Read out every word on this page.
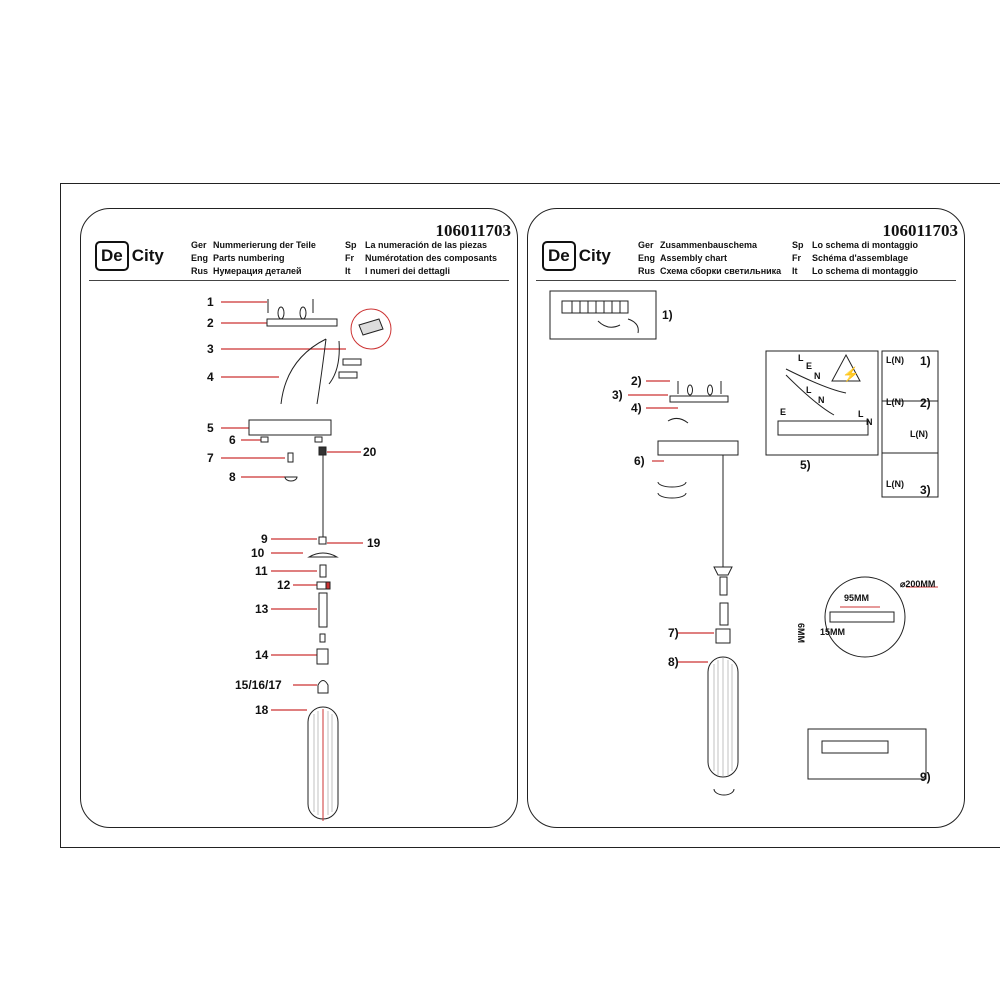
De City
106011703
Ger Nummerierung der Teile	Sp La numeración de las piezas
Eng Parts numbering	Fr	Numérotation des composants
Rus Нумерация деталей	It	I numeri dei dettagli
1
2
3
4
5
6
7
8
9
10
11
12
13
14
15/16/17
18
19
20
De City
106011703
Ger Zusammenbauschema	Sp Lo schema di montaggio
Eng Assembly chart	Fr	Schéma d'assemblage
Rus Схема сборки светильника	It	Lo schema di montaggio
⚡
L
E
N
L
N
E	L
N
L(N)
L(N)
L(N)
L(N)
1)
2)
3)
⌀200MM
95MM
15MM
6MM
1)
2)
3)
4)
5)
6)
7)
8)
9)
